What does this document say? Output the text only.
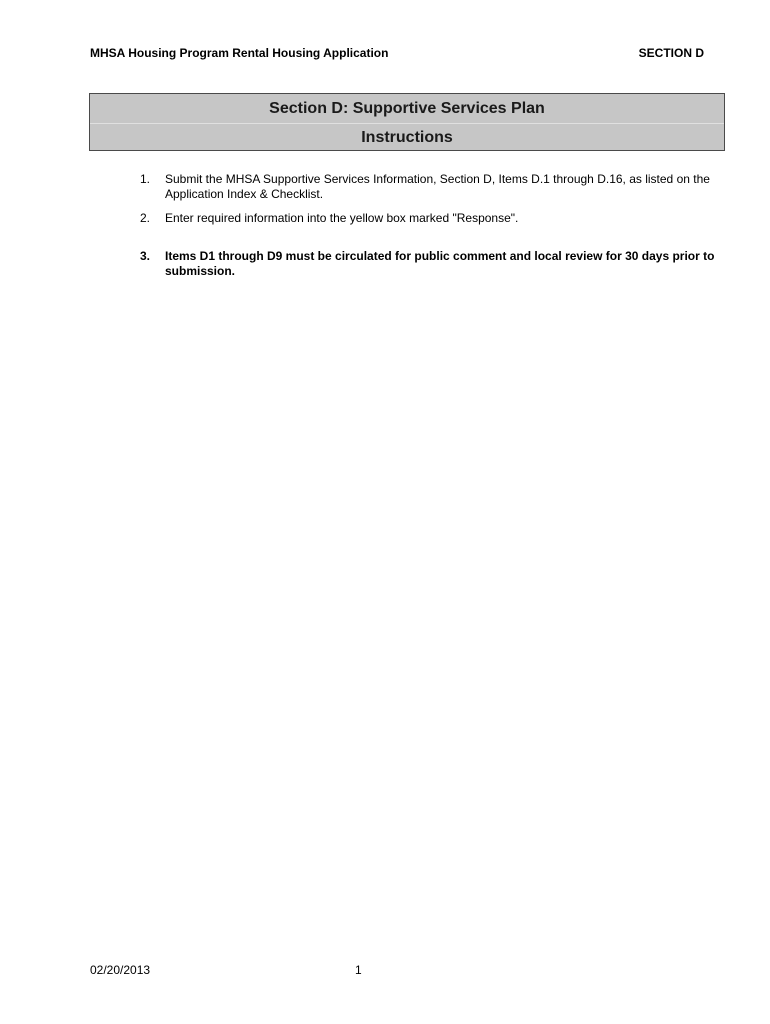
MHSA Housing Program Rental Housing Application	SECTION D
Section D: Supportive Services Plan
Instructions
1. Submit the MHSA Supportive Services Information, Section D, Items D.1 through D.16, as listed on the Application Index & Checklist.
2. Enter required information into the yellow box marked "Response".
3. Items D1 through D9 must be circulated for public comment and local review for 30 days prior to submission.
02/20/2013	1
